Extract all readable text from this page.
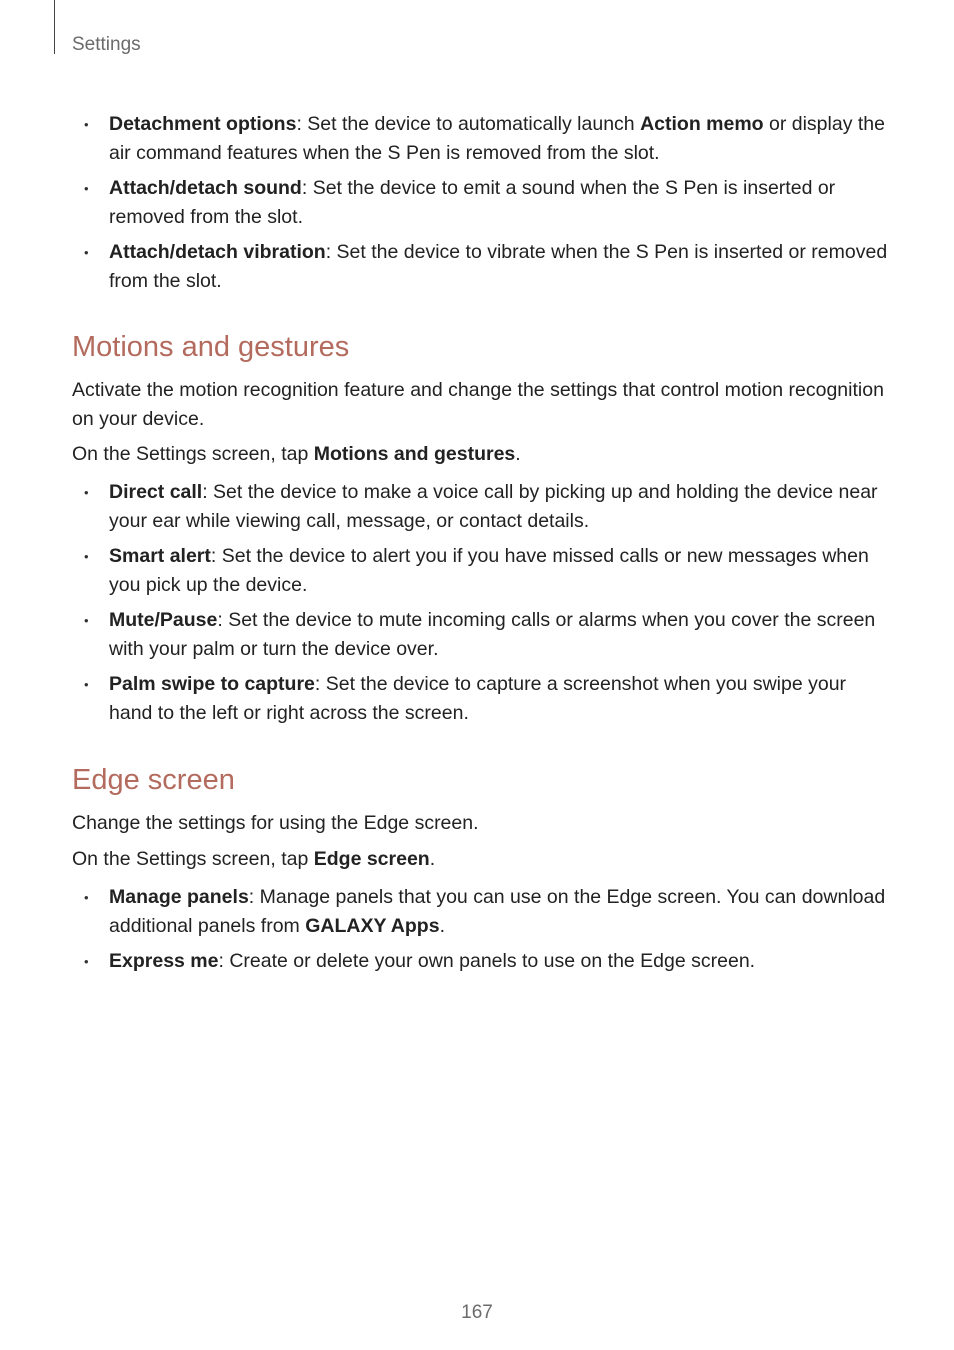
Settings
• Detachment options: Set the device to automatically launch Action memo or display the air command features when the S Pen is removed from the slot.
• Attach/detach sound: Set the device to emit a sound when the S Pen is inserted or removed from the slot.
• Attach/detach vibration: Set the device to vibrate when the S Pen is inserted or removed from the slot.
Motions and gestures

Activate the motion recognition feature and change the settings that control motion recognition on your device.

On the Settings screen, tap Motions and gestures.

• Direct call: Set the device to make a voice call by picking up and holding the device near your ear while viewing call, message, or contact details.
• Smart alert: Set the device to alert you if you have missed calls or new messages when you pick up the device.
• Mute/Pause: Set the device to mute incoming calls or alarms when you cover the screen with your palm or turn the device over.
• Palm swipe to capture: Set the device to capture a screenshot when you swipe your hand to the left or right across the screen.
Edge screen

Change the settings for using the Edge screen.

On the Settings screen, tap Edge screen.

• Manage panels: Manage panels that you can use on the Edge screen. You can download additional panels from GALAXY Apps.
• Express me: Create or delete your own panels to use on the Edge screen.
167
